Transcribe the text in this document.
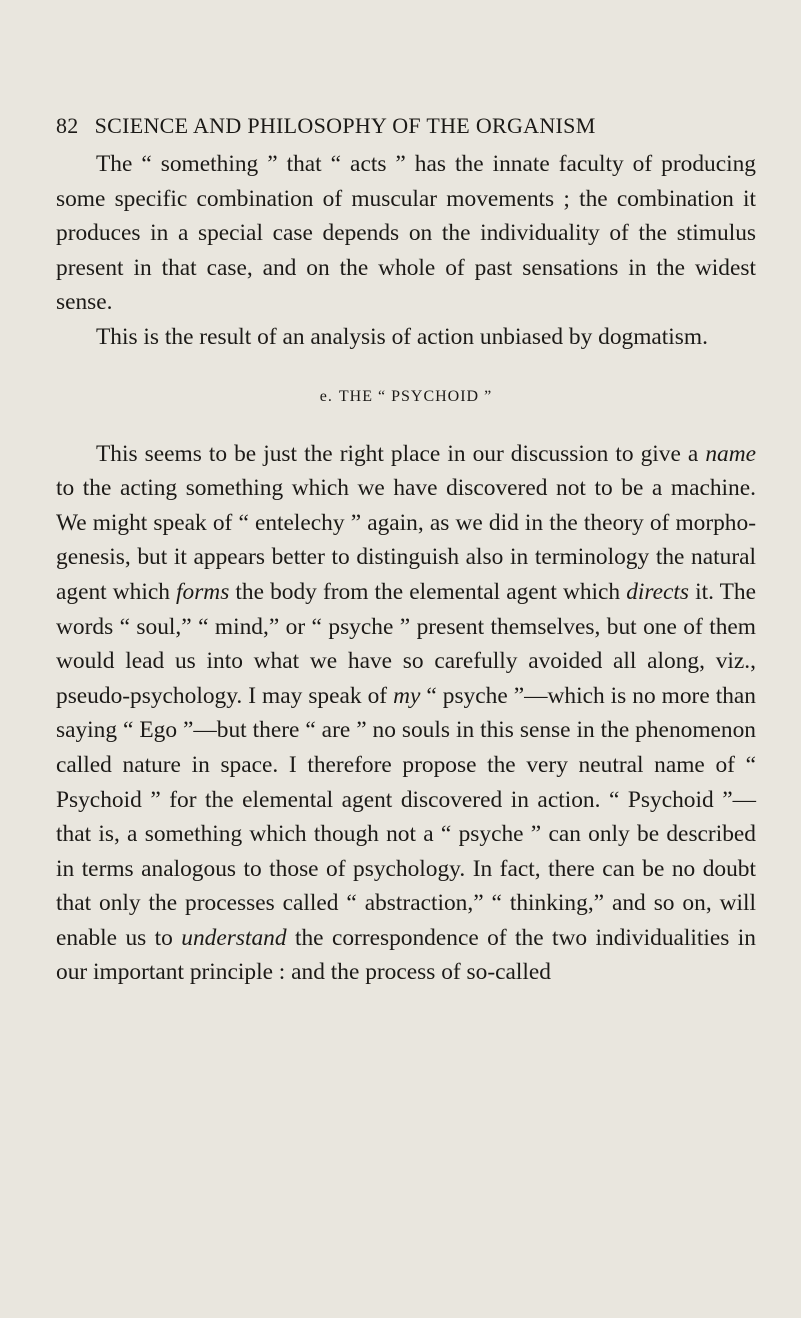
82 SCIENCE AND PHILOSOPHY OF THE ORGANISM

The “ something ” that “ acts ” has the innate faculty of producing some specific combination of muscular movements ; the combination it produces in a special case depends on the individuality of the stimulus present in that case, and on the whole of past sensations in the widest sense.

This is the result of an analysis of action unbiased by dogmatism.

e. THE “ PSYCHOID ”

This seems to be just the right place in our discussion to give a name to the acting something which we have discovered not to be a machine. We might speak of “ entelechy ” again, as we did in the theory of morphogenesis, but it appears better to distinguish also in terminology the natural agent which forms the body from the elemental agent which directs it. The words “ soul,” “ mind,” or “ psyche ” present themselves, but one of them would lead us into what we have so carefully avoided all along, viz., pseudo-psychology. I may speak of my “ psyche ”—which is no more than saying “ Ego ”—but there “ are ” no souls in this sense in the phenomenon called nature in space. I therefore propose the very neutral name of “ Psychoid ” for the elemental agent discovered in action. “ Psychoid ”—that is, a something which though not a “ psyche ” can only be described in terms analogous to those of psychology. In fact, there can be no doubt that only the processes called “ abstraction,” “ thinking,” and so on, will enable us to understand the correspondence of the two individualities in our important principle : and the process of so-called
